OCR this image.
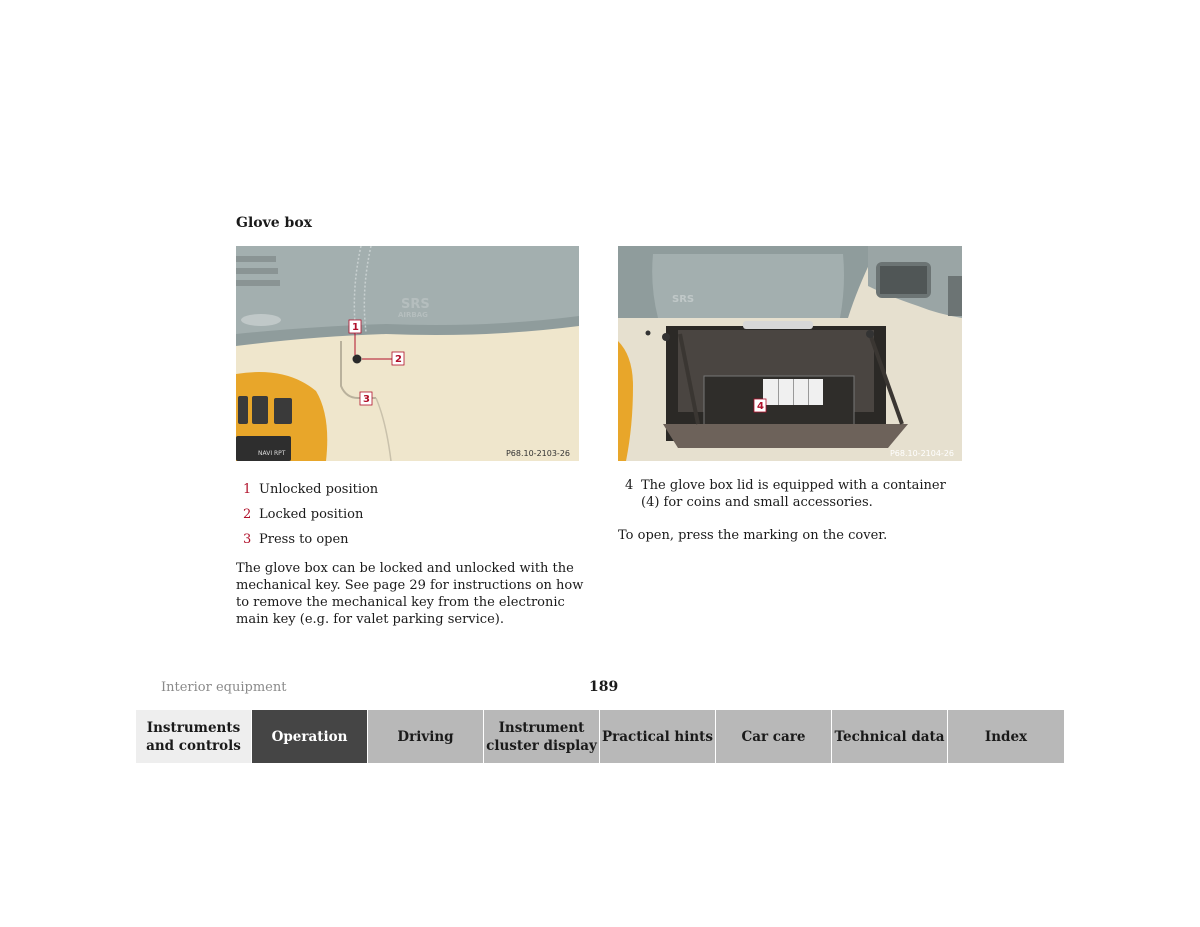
Glove box
SRS
AIRBAG
NAVI RPT
1
2
3
P68.10-2103-26
SRS
4
P68.10-2104-26
1 Unlocked position
2 Locked position
3 Press to open
The glove box can be locked and unlocked with the mechanical key. See page 29 for instructions on how to remove the mechanical key from the electronic main key (e.g. for valet parking service).
4 The glove box lid is equipped with a container (4) for coins and small accessories.
To open, press the marking on the cover.
Interior equipment	189
Instruments and controls
Operation	Driving
Instrument cluster display
Practical hints	Car care	Technical data	Index
